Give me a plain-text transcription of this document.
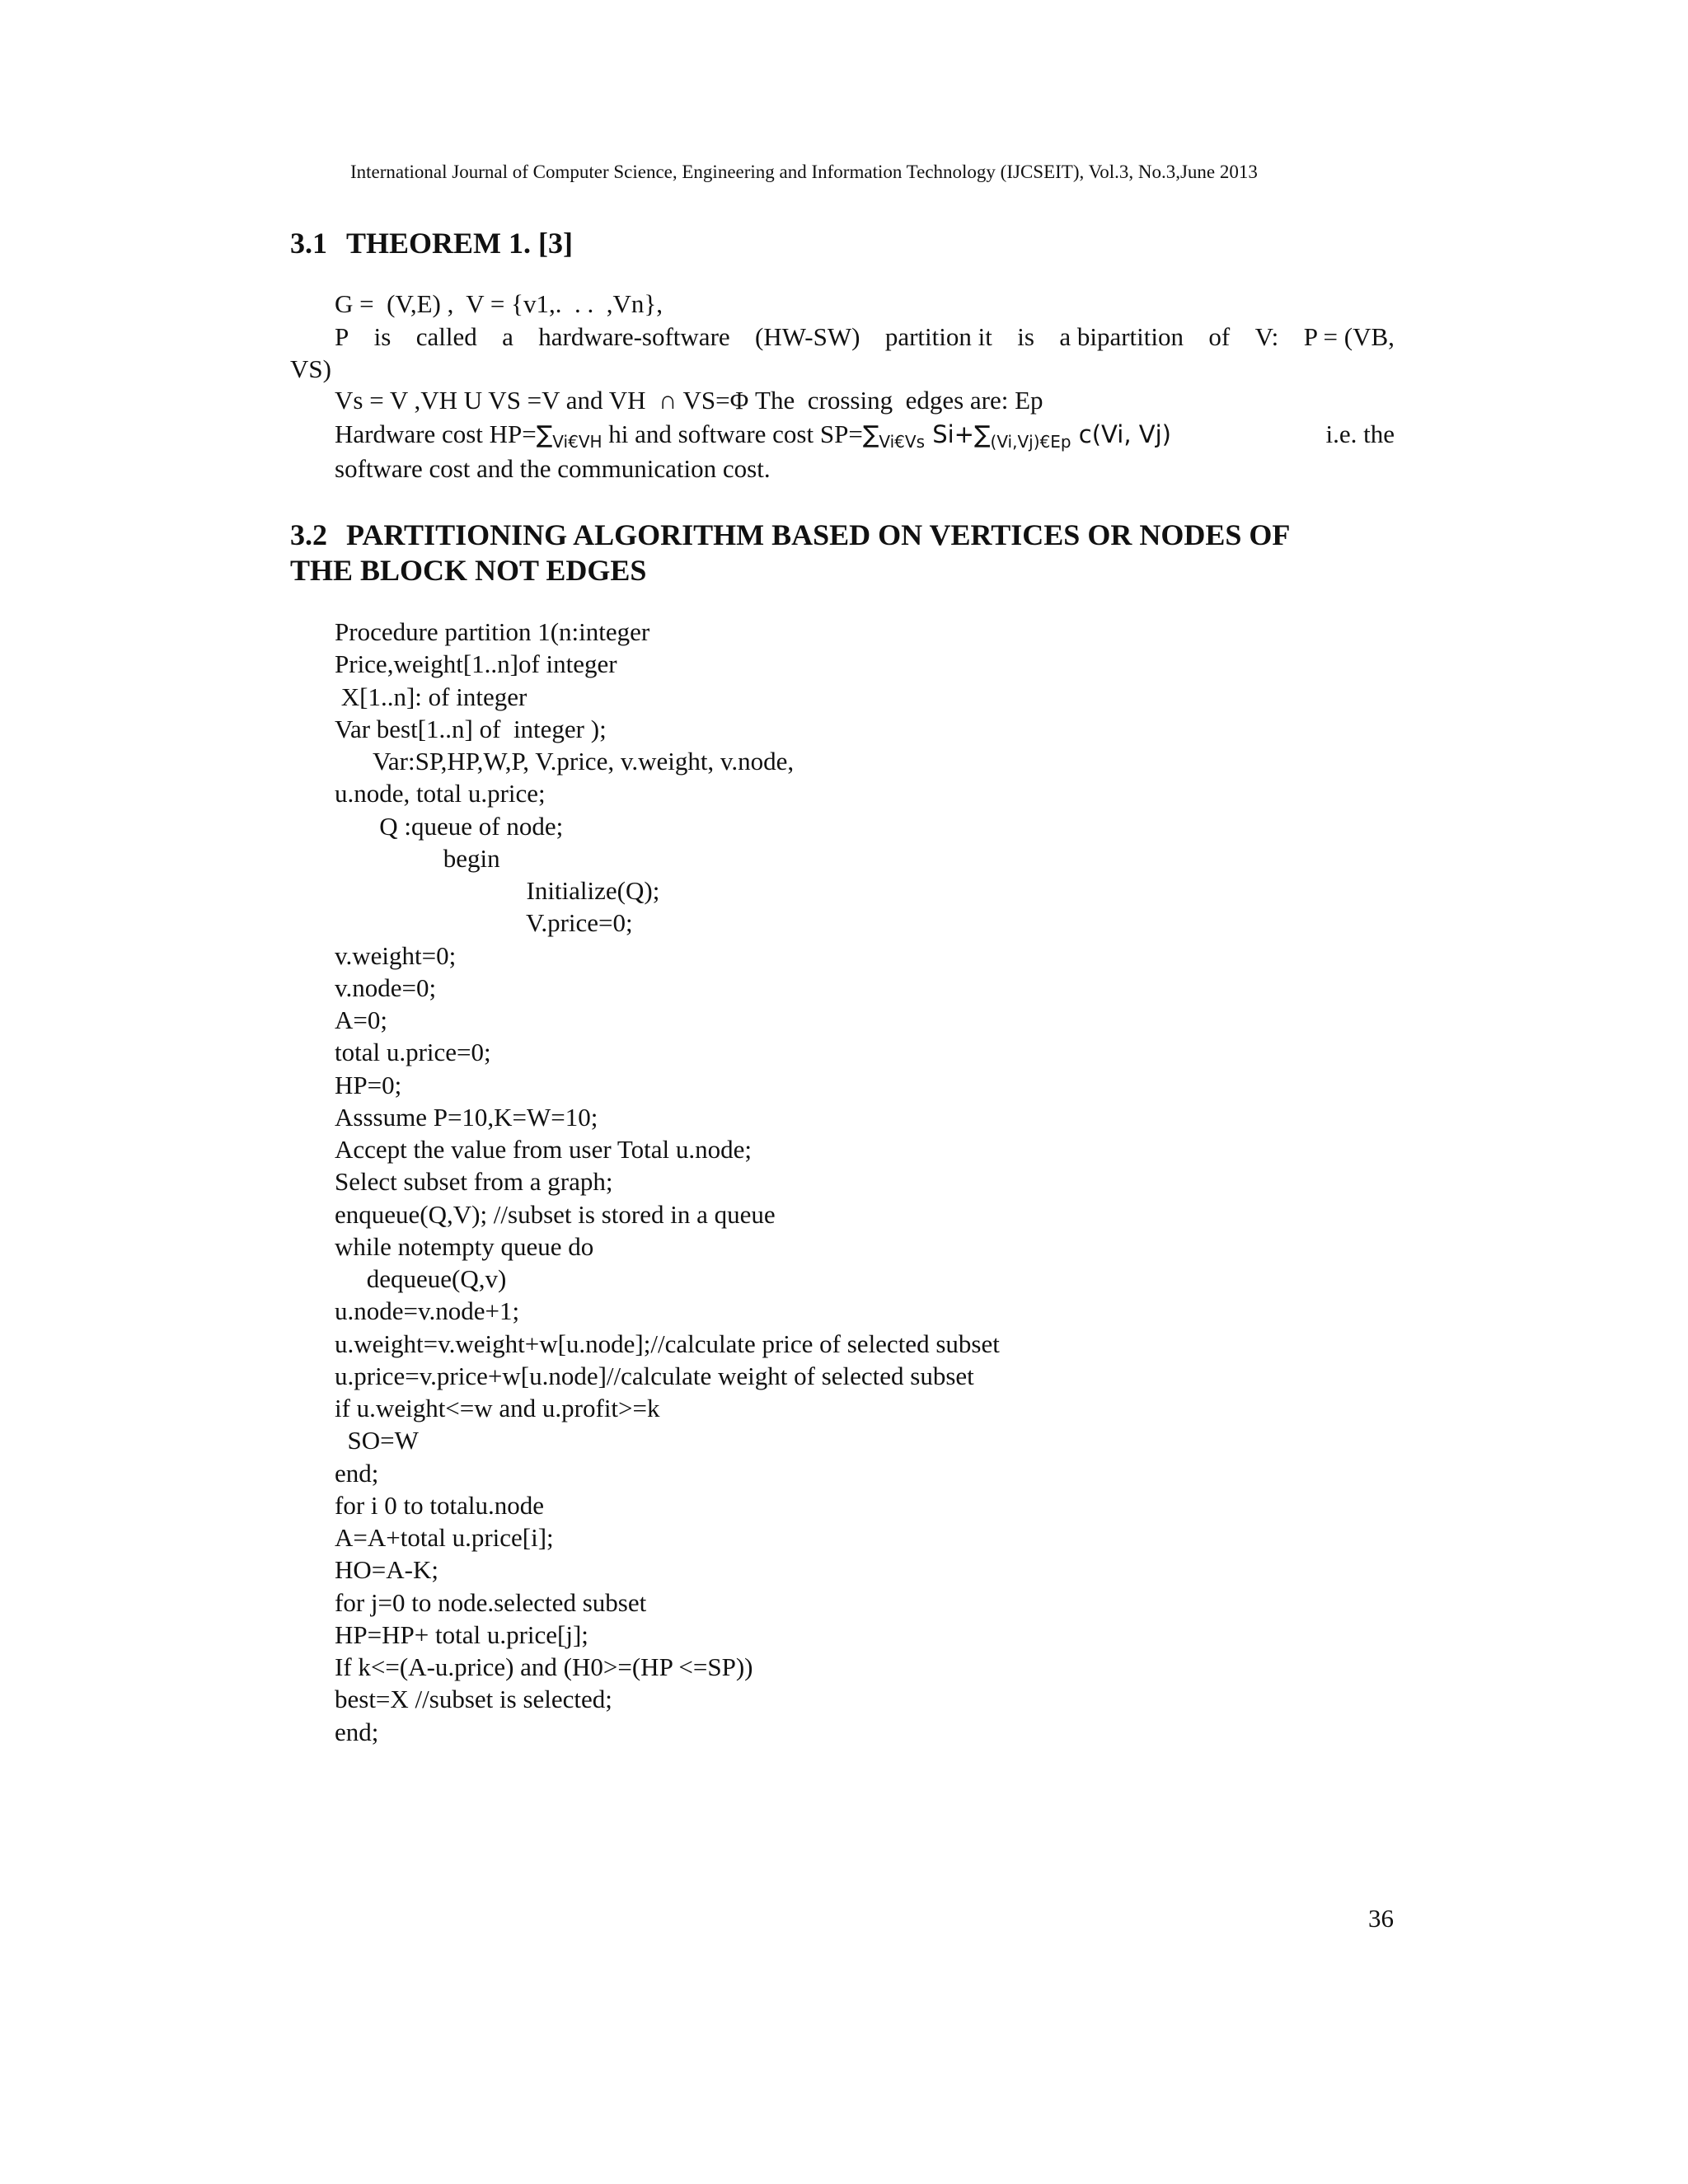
International Journal of Computer Science, Engineering and Information Technology (IJCSEIT), Vol.3, No.3,June 2013
3.1 THEOREM 1. [3]
G =  (V,E) ,  V = {v1,.  . .  ,Vn},
P is called a hardware-software (HW-SW) partition it is a bipartition of V: P = (VB,
VS)
Vs = V ,VH U VS =V and VH  ∩ VS=Φ The  crossing  edges are: Ep
Hardware cost $HP=\sum_{Vi€VH}$ hi and software cost $SP=\sum_{Vi€Vs}$ $Si+\sum_{(Vi,Vj)€Ep}$ c(Vi, Vj)	i.e. the
software cost and the communication cost.
3.2 PARTITIONING ALGORITHM BASED ON VERTICES OR NODES OF
THE BLOCK NOT EDGES
Procedure partition 1(n:integer
Price,weight[1..n]of integer
X[1..n]: of integer
Var best[1..n] of  integer );
Var:SP,HP,W,P, V.price, v.weight, v.node,
u.node, total u.price;
Q :queue of node;
begin
Initialize(Q);
V.price=0;
v.weight=0;
v.node=0;
A=0;
total u.price=0;
HP=0;
Asssume P=10,K=W=10;
Accept the value from user Total u.node;
Select subset from a graph;
enqueue(Q,V); //subset is stored in a queue
while notempty queue do
dequeue(Q,v)
u.node=v.node+1;
u.weight=v.weight+w[u.node];//calculate price of selected subset
u.price=v.price+w[u.node]//calculate weight of selected subset
if u.weight<=w and u.profit>=k
SO=W
end;
for i 0 to totalu.node
A=A+total u.price[i];
HO=A-K;
for j=0 to node.selected subset
HP=HP+ total u.price[j];
If k<=(A-u.price) and (H0>=(HP <=SP))
best=X //subset is selected;
end;
36
